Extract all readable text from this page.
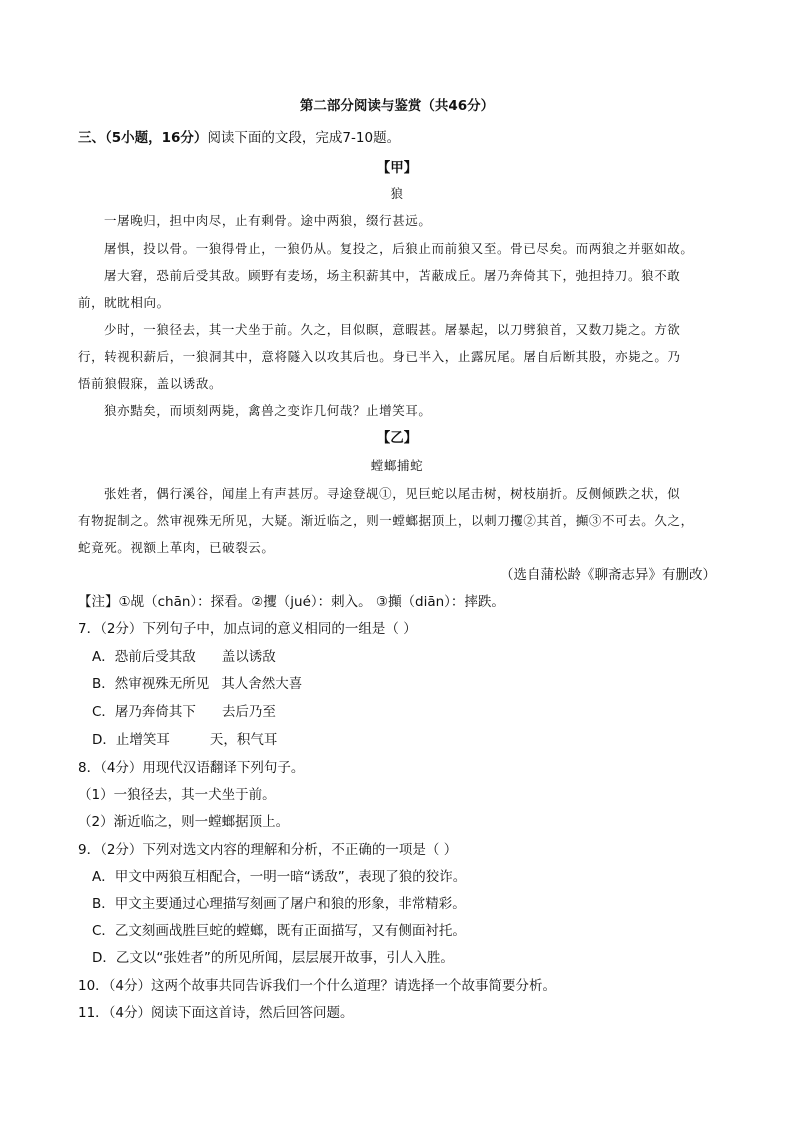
第二部分阅读与鉴赏（共46分）
三、（5小题，16分）阅读下面的文段，完成7-10题。
【甲】
狼
一屠晚归，担中肉尽，止有剩骨。途中两狼，缀行甚远。
屠惧，投以骨。一狼得骨止，一狼仍从。复投之，后狼止而前狼又至。骨已尽矣。而两狼之并驱如故。
屠大窘，恐前后受其敌。顾野有麦场，场主积薪其中，苫蔽成丘。屠乃奔倚其下，弛担持刀。狼不敢
前，眈眈相向。
少时，一狼径去，其一犬坐于前。久之，目似瞑，意暇甚。屠暴起，以刀劈狼首，又数刀毙之。方欲
行，转视积薪后，一狼洞其中，意将隧入以攻其后也。身已半入，止露尻尾。屠自后断其股，亦毙之。乃
悟前狼假寐，盖以诱敌。
狼亦黠矣，而顷刻两毙，禽兽之变诈几何哉？止增笑耳。
【乙】
螳螂捕蛇
张姓者，偶行溪谷，闻崖上有声甚厉。寻途登觇①，见巨蛇以尾击树，树枝崩折。反侧倾跌之状，似
有物捉制之。然审视殊无所见，大疑。渐近临之，则一螳螂据顶上，以刺刀攫②其首，攧③不可去。久之，
蛇竟死。视额上革肉，已破裂云。
（选自蒲松龄《聊斋志异》有删改）
【注】①觇（chān）：探看。②攫（jué）：刺入。 ③攧（diān）：摔跌。
7．（2分）下列句子中，加点词的意义相同的一组是（ ）
A．恐前后受其敌 盖以诱敌
B．然审视殊无所见 其人舍然大喜
C．屠乃奔倚其下 去后乃至
D．止增笑耳	天，积气耳
8．（4分）用现代汉语翻译下列句子。
（1）一狼径去，其一犬坐于前。
（2）渐近临之，则一螳螂据顶上。
9．（2分）下列对选文内容的理解和分析，不正确的一项是（ ）
A．甲文中两狼互相配合，一明一暗“诱敌”，表现了狼的狡诈。
B．甲文主要通过心理描写刻画了屠户和狼的形象，非常精彩。
C．乙文刻画战胜巨蛇的螳螂，既有正面描写，又有侧面衬托。
D．乙文以“张姓者”的所见所闻，层层展开故事，引人入胜。
10．（4分）这两个故事共同告诉我们一个什么道理？请选择一个故事简要分析。
11．（4分）阅读下面这首诗，然后回答问题。
